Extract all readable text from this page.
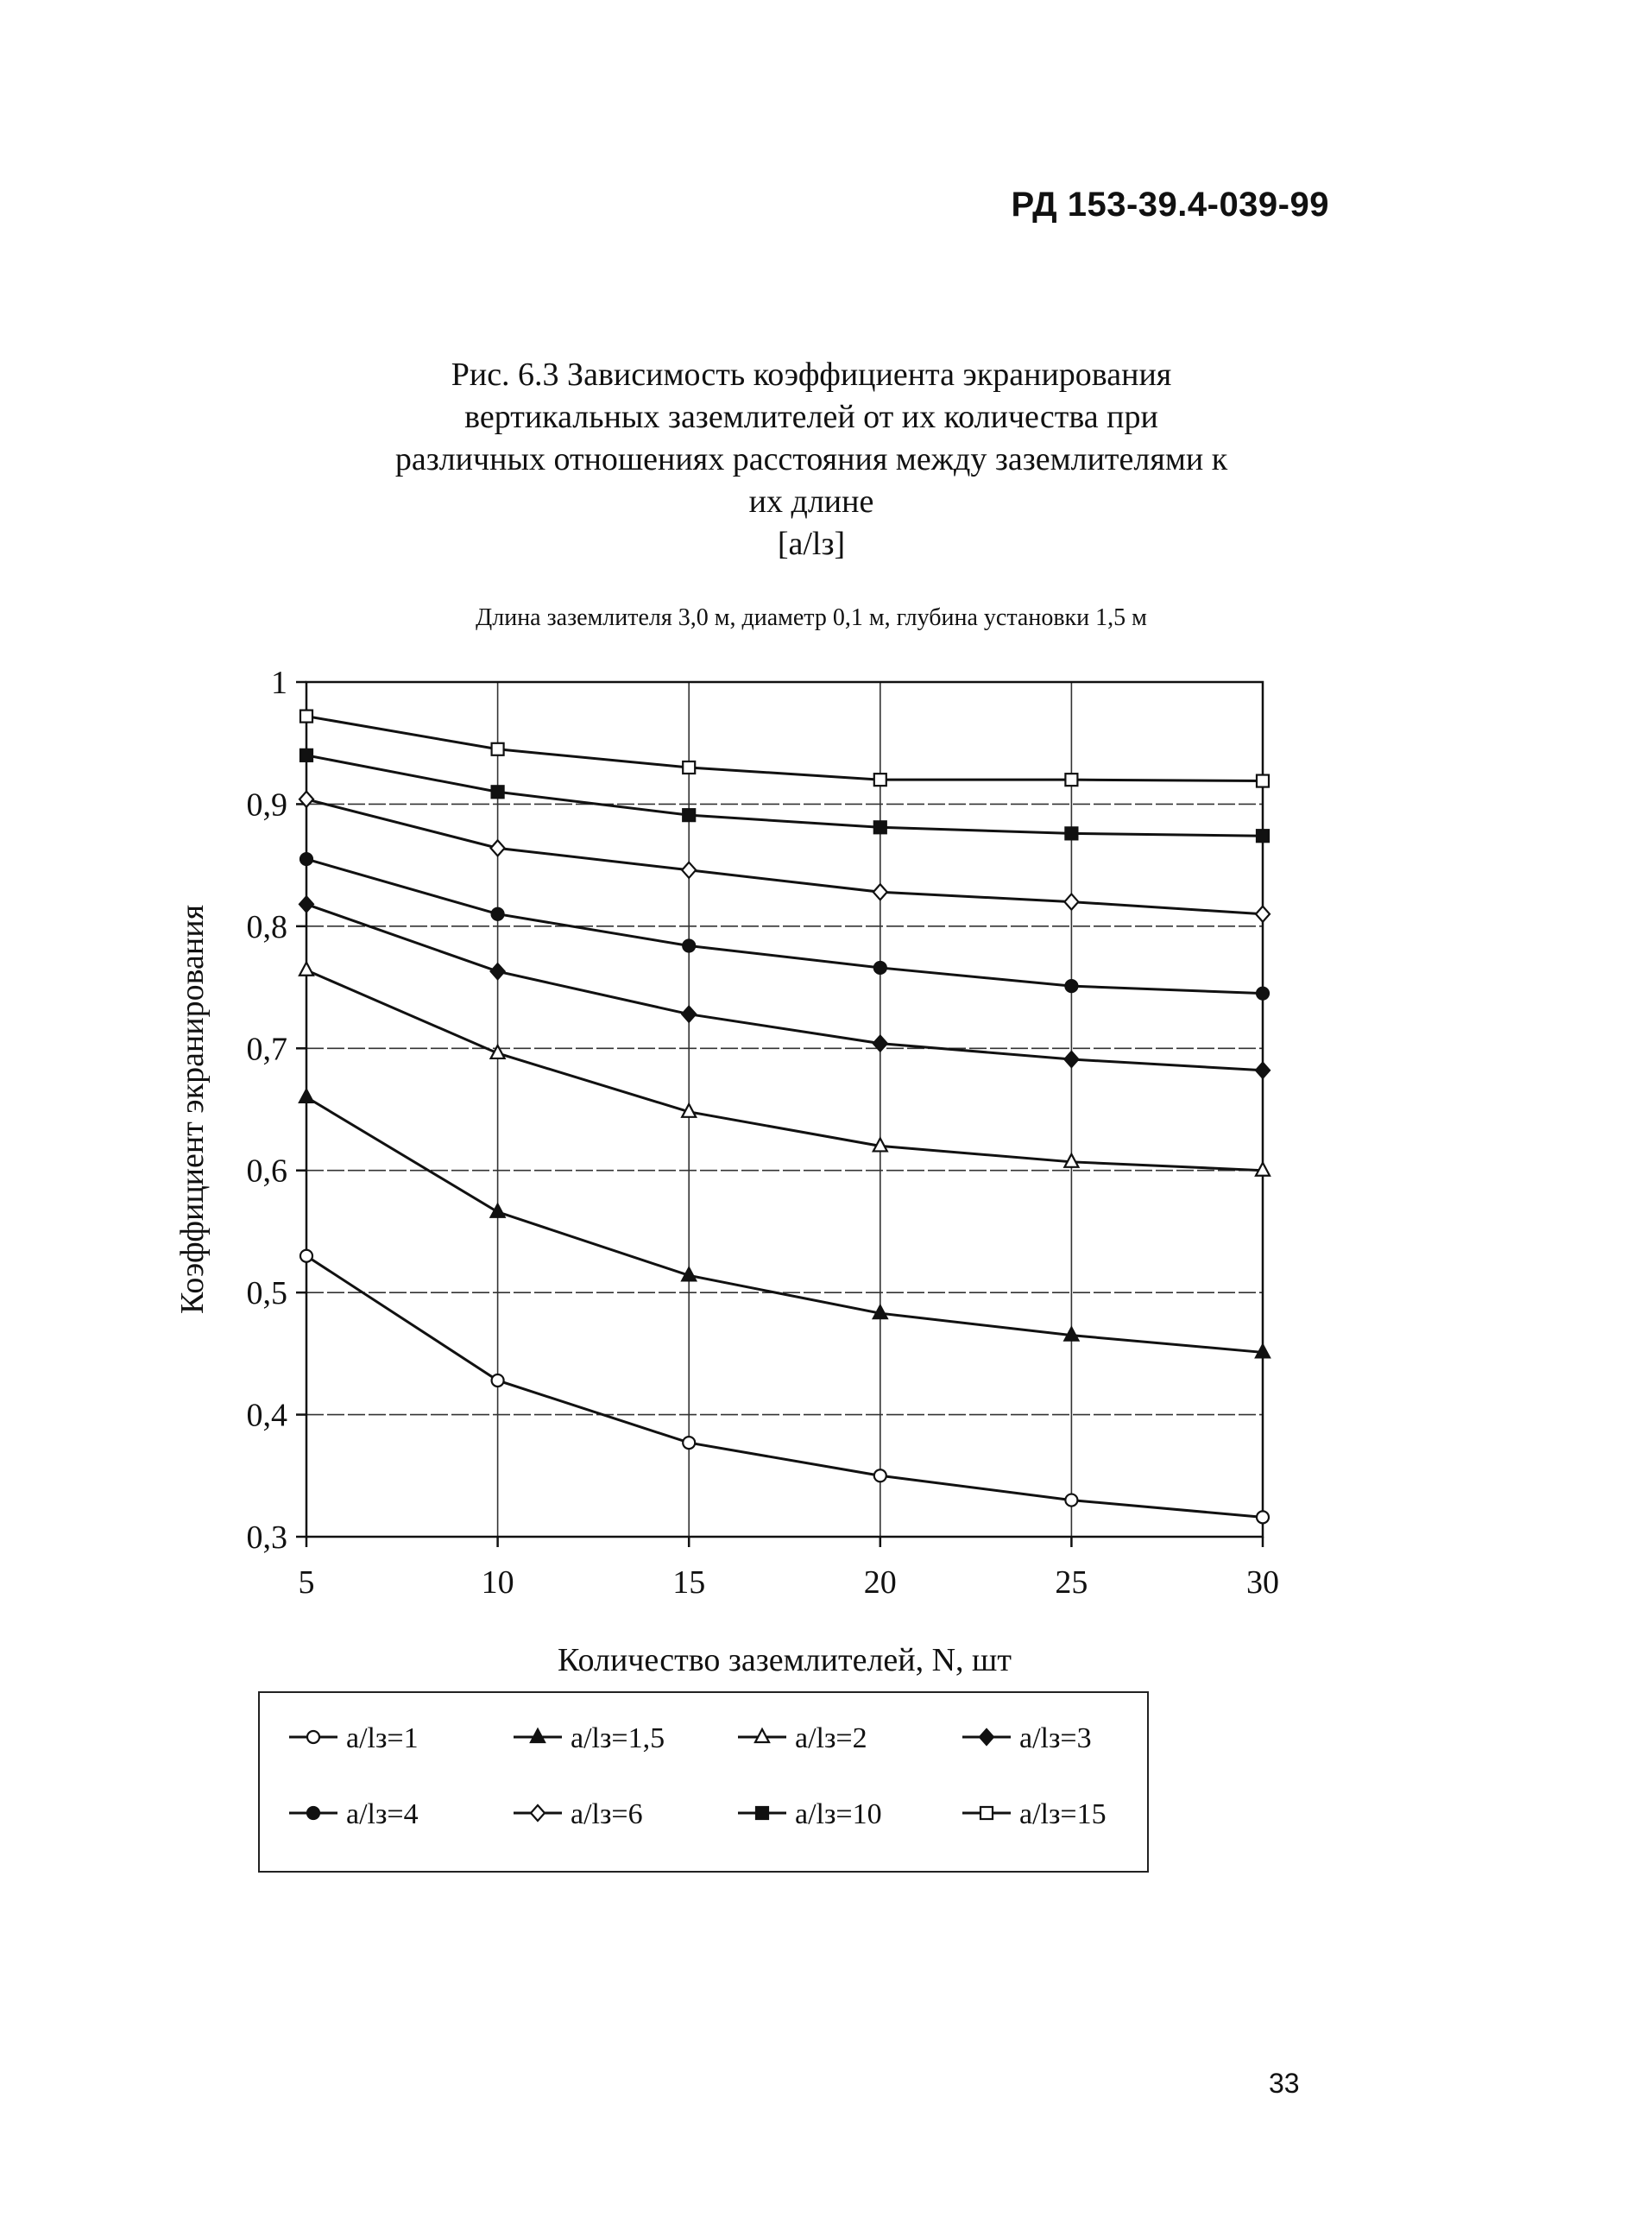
РД 153-39.4-039-99
Рис. 6.3 Зависимость коэффициента экранирования
вертикальных заземлителей от их количества при
различных отношениях расстояния между заземлителями к
их длине
[a/lз]
Длина заземлителя 3,0 м, диаметр 0,1 м, глубина установки 1,5 м
0,3
0,4
0,5
0,6
0,7
0,8
0,9
1
5	10	15	20	25	30
Количество заземлителей, N, шт
Коэффициент экранирования
a/lз=1	a/lз=1,5	a/lз=2	a/lз=3
a/lз=4	a/lз=6	a/lз=10	a/lз=15
33
